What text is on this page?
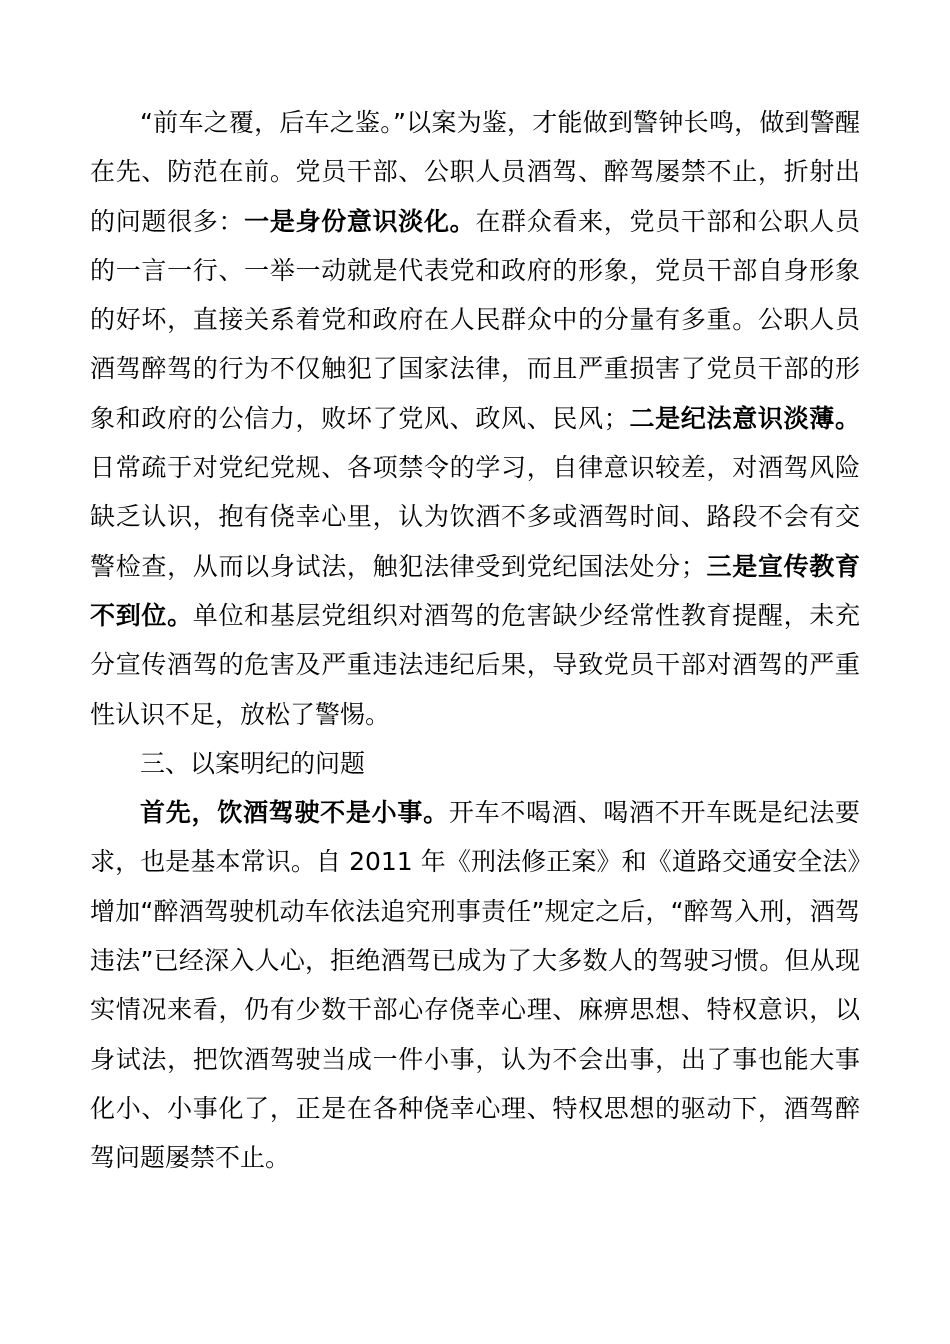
“前车之覆，后车之鉴。”以案为鉴，才能做到警钟长鸣，做到警醒在先、防范在前。党员干部、公职人员酒驾、醉驾屡禁不止，折射出的问题很多：一是身份意识淡化。在群众看来，党员干部和公职人员的一言一行、一举一动就是代表党和政府的形象，党员干部自身形象的好坏，直接关系着党和政府在人民群众中的分量有多重。公职人员酒驾醉驾的行为不仅触犯了国家法律，而且严重损害了党员干部的形象和政府的公信力，败坏了党风、政风、民风；二是纪法意识淡薄。日常疏于对党纪党规、各项禁令的学习，自律意识较差，对酒驾风险缺乏认识，抱有侥幸心里，认为饮酒不多或酒驾时间、路段不会有交警检查，从而以身试法，触犯法律受到党纪国法处分；三是宣传教育不到位。单位和基层党组织对酒驾的危害缺少经常性教育提醒，未充分宣传酒驾的危害及严重违法违纪后果，导致党员干部对酒驾的严重性认识不足，放松了警惕。

三、以案明纪的问题

首先，饮酒驾驶不是小事。开车不喝酒、喝酒不开车既是纪法要求，也是基本常识。自 2011 年《刑法修正案》和《道路交通安全法》增加“醉酒驾驶机动车依法追究刑事责任”规定之后，“醉驾入刑，酒驾违法”已经深入人心，拒绝酒驾已成为了大多数人的驾驶习惯。但从现实情况来看，仍有少数干部心存侥幸心理、麻痹思想、特权意识，以身试法，把饮酒驾驶当成一件小事，认为不会出事，出了事也能大事化小、小事化了，正是在各种侥幸心理、特权思想的驱动下，酒驾醉驾问题屡禁不止。
